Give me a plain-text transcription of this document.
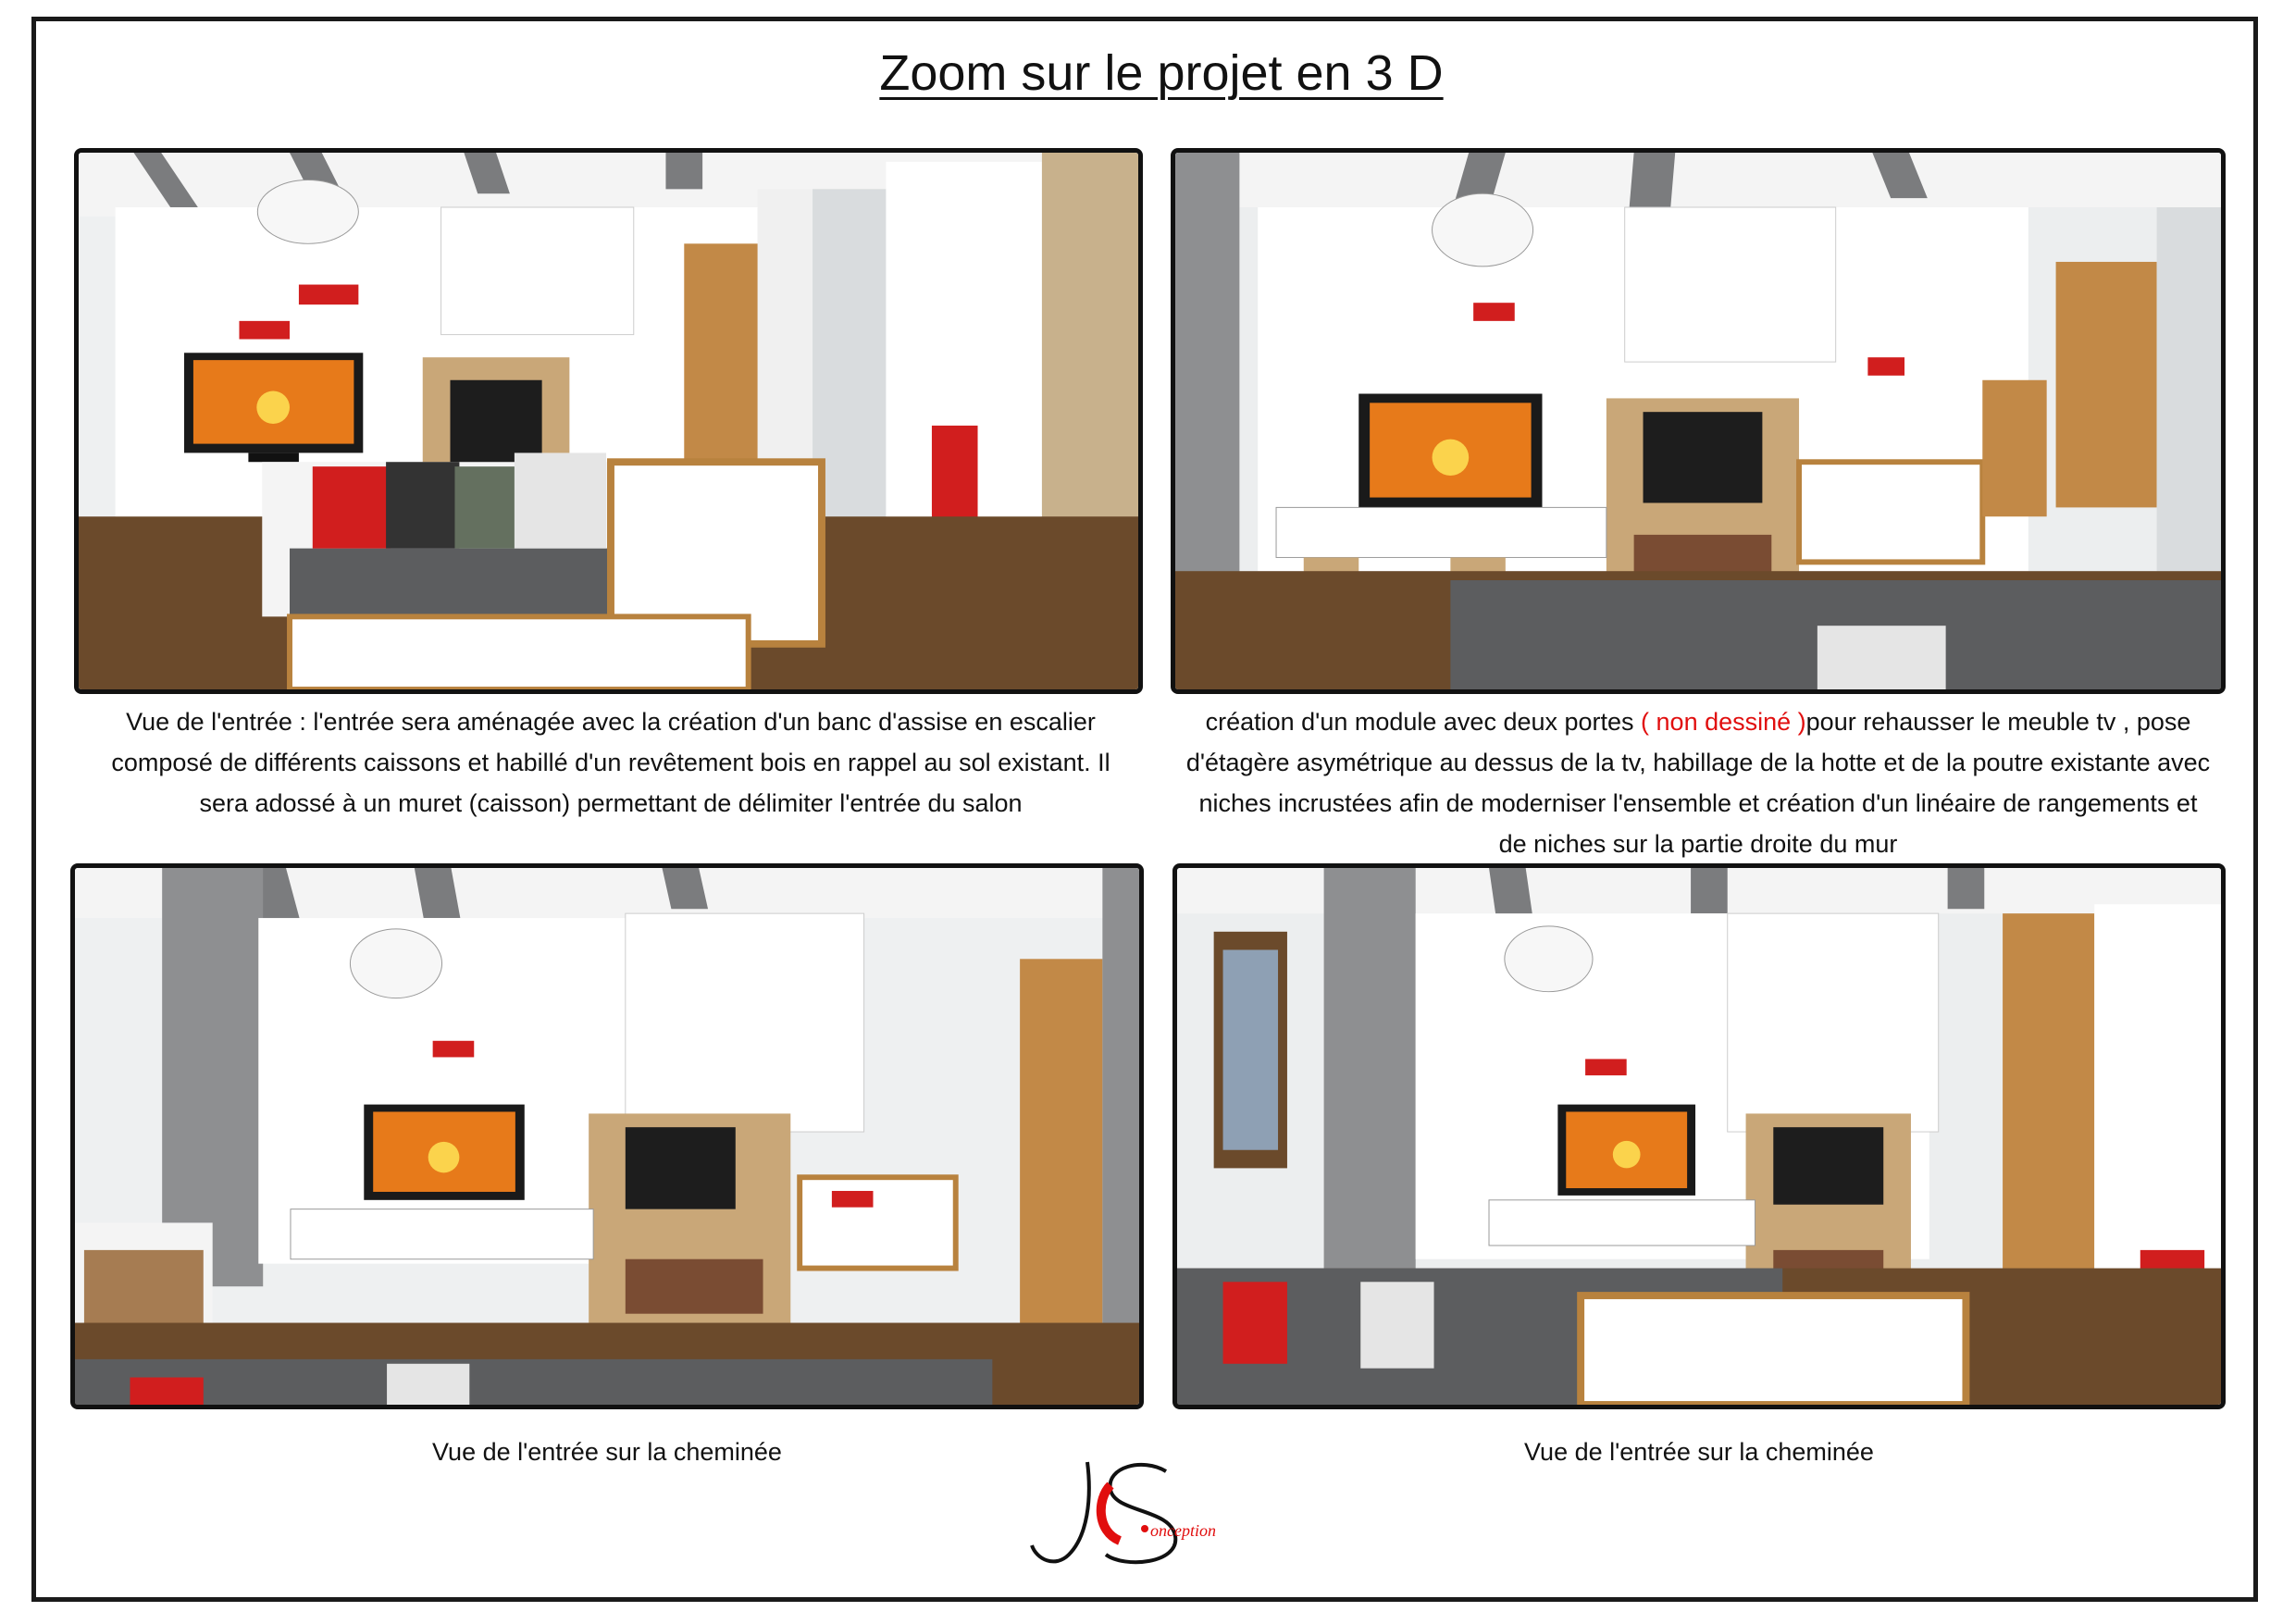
Zoom sur le projet en 3 D
Vue de l'entrée : l'entrée sera aménagée avec la création d'un banc d'assise en escalier composé de différents caissons et habillé d'un revêtement bois en rappel au sol existant. Il sera adossé à un muret (caisson) permettant de délimiter l'entrée du salon
création d'un module avec deux portes ( non dessiné )pour rehausser le meuble tv , pose d'étagère asymétrique au dessus de la tv, habillage de la hotte et de la poutre existante avec niches incrustées afin de moderniser l'ensemble et création d'un linéaire de rangements et de niches sur la partie droite du mur
Vue de l'entrée sur la cheminée	Vue de l'entrée sur la cheminée
onception
